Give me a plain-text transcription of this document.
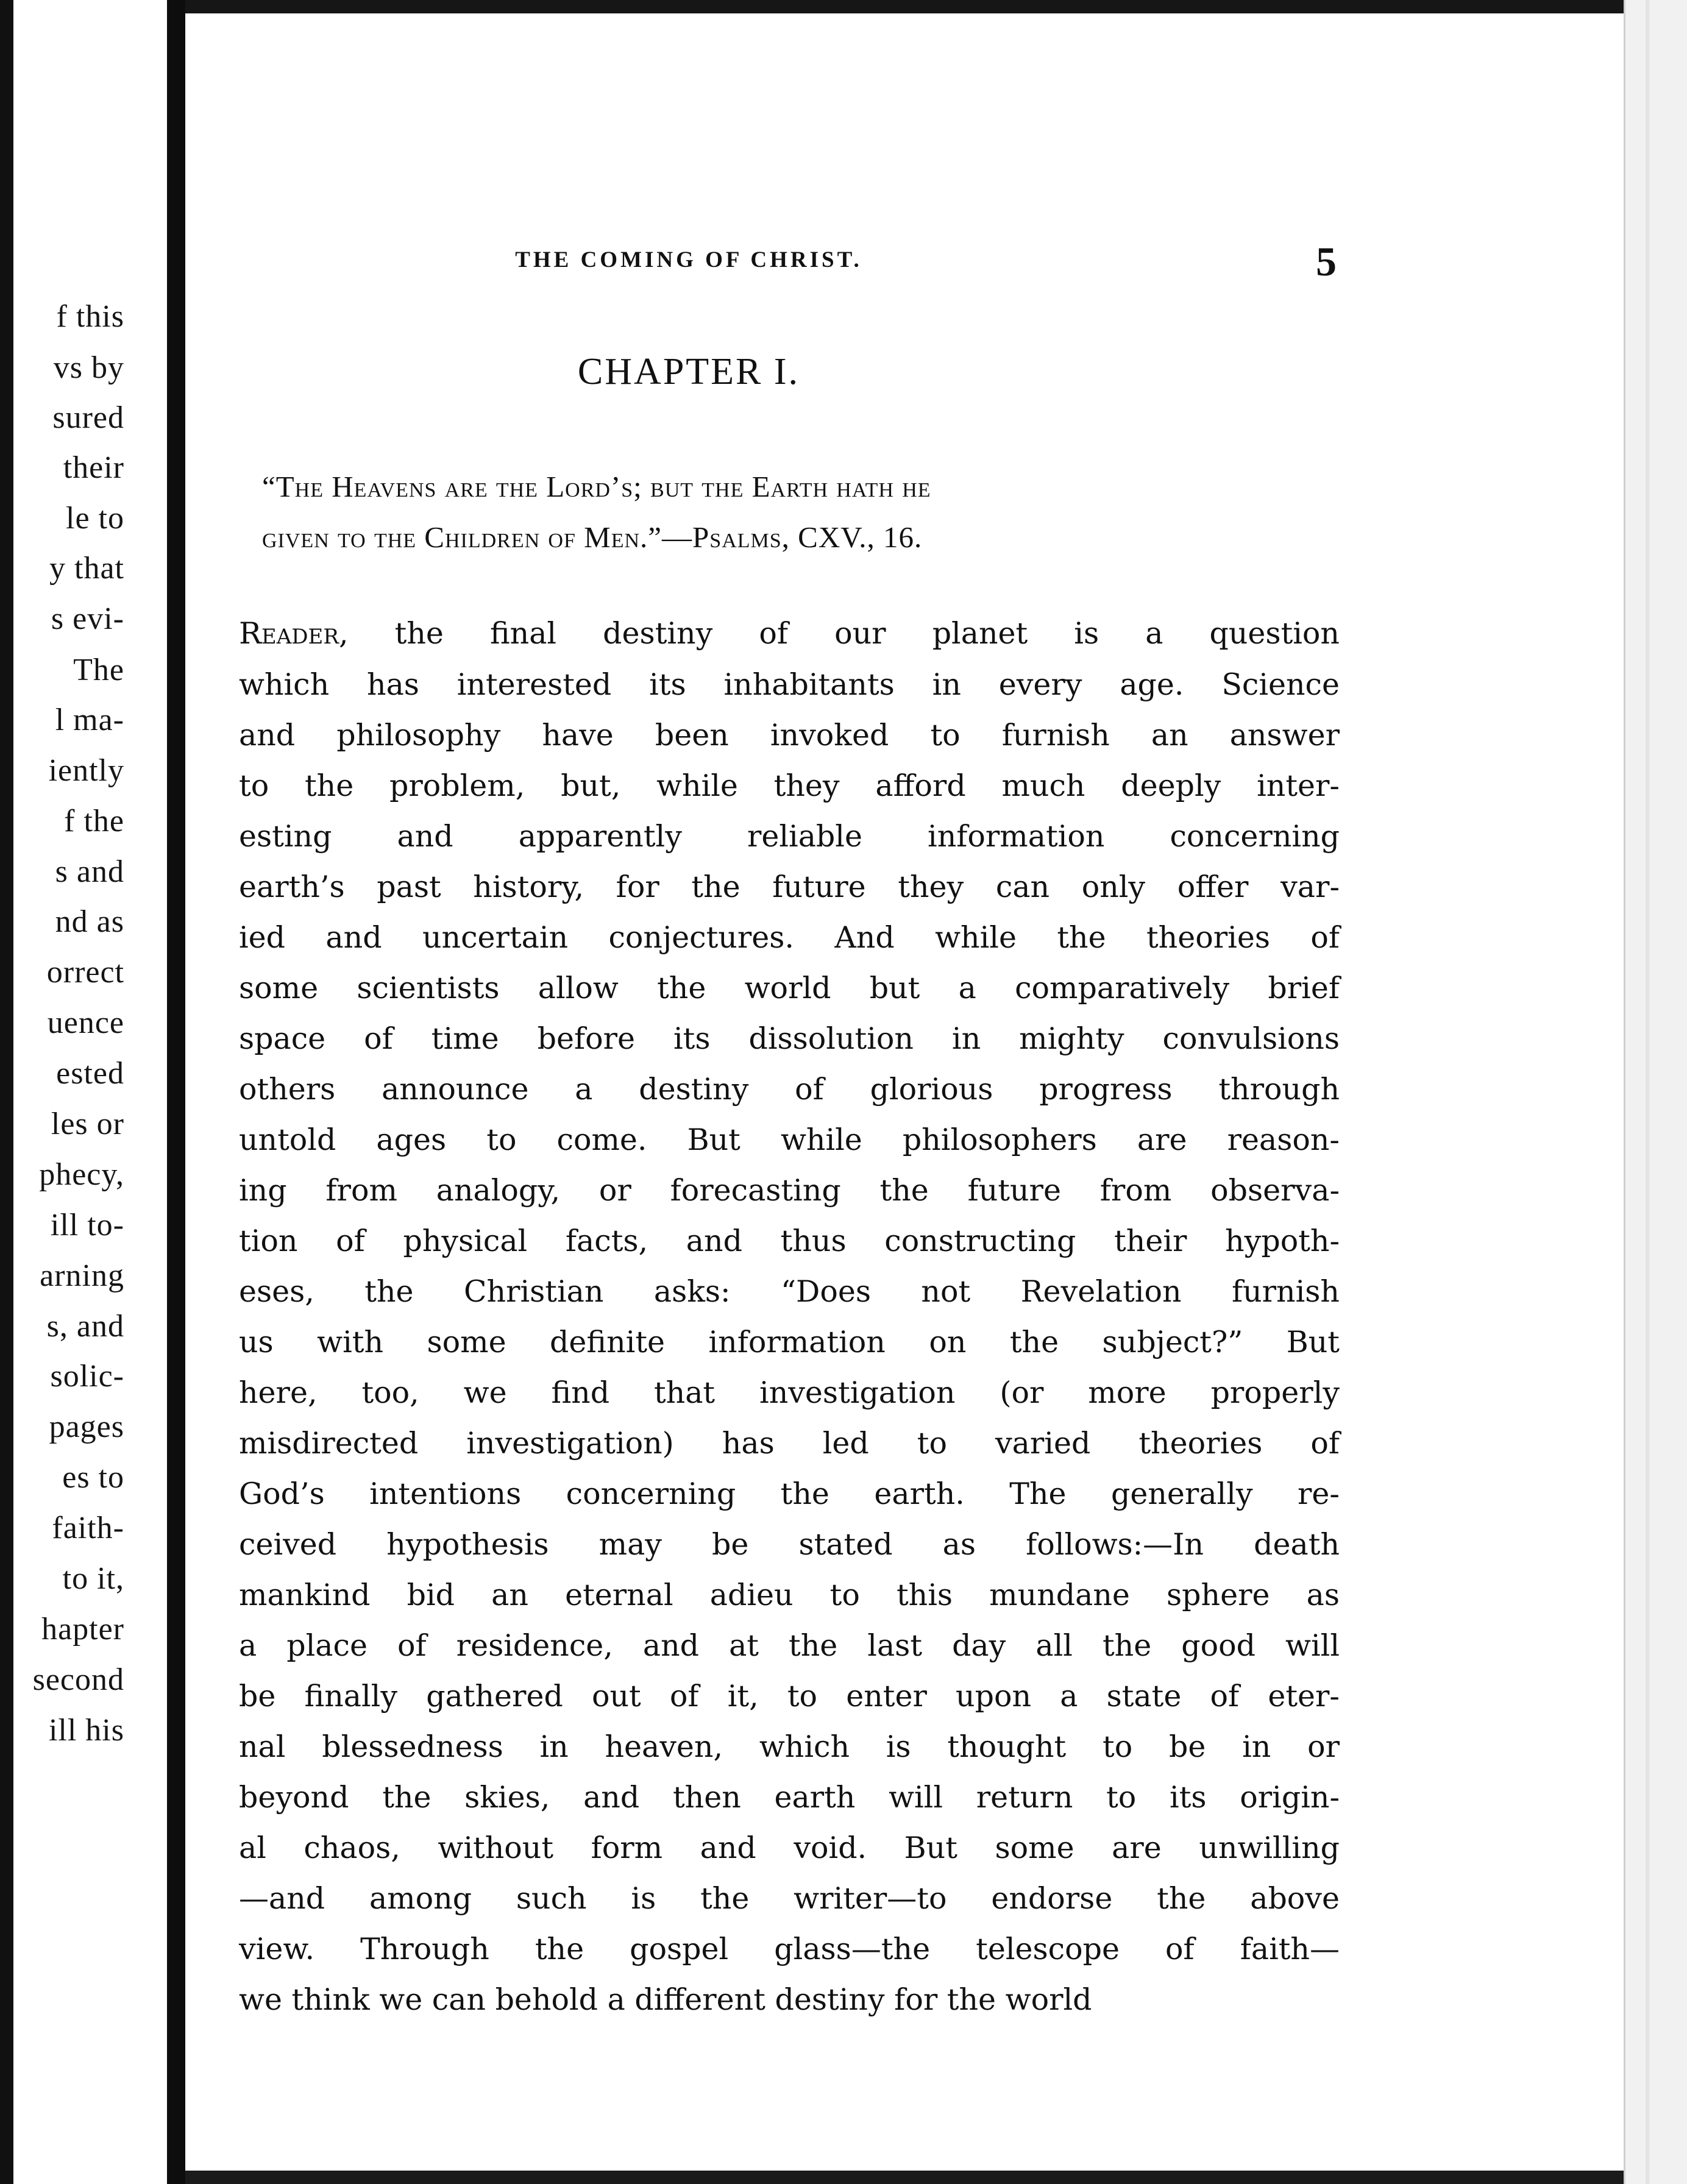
f this
vs by
sured
their
le to
y that
s evi-
The
l ma-
iently
f the
s and
nd as
orrect
uence
ested
les or
phecy,
ill to-
arning
s, and
solic-
pages
es to
faith-
to it,
hapter
second
ill his
THE COMING OF CHRIST.	5
CHAPTER I.
“The Heavens are the Lord’s; but the Earth hath he
given to the Children of Men.”—Psalms, CXV., 16.
Reader, the final destiny of our planet is a question
which has interested its inhabitants in every age. Science
and philosophy have been invoked to furnish an answer
to the problem, but, while they afford much deeply inter-
esting and apparently reliable information concerning
earth’s past history, for the future they can only offer var-
ied and uncertain conjectures. And while the theories of
some scientists allow the world but a comparatively brief
space of time before its dissolution in mighty convulsions
others announce a destiny of glorious progress through
untold ages to come. But while philosophers are reason-
ing from analogy, or forecasting the future from observa-
tion of physical facts, and thus constructing their hypoth-
eses, the Christian asks: “Does not Revelation furnish
us with some definite information on the subject?” But
here, too, we find that investigation (or more properly
misdirected investigation) has led to varied theories of
God’s intentions concerning the earth. The generally re-
ceived hypothesis may be stated as follows:—In death
mankind bid an eternal adieu to this mundane sphere as
a place of residence, and at the last day all the good will
be finally gathered out of it, to enter upon a state of eter-
nal blessedness in heaven, which is thought to be in or
beyond the skies, and then earth will return to its origin-
al chaos, without form and void. But some are unwilling
—and among such is the writer—to endorse the above
view. Through the gospel glass—the telescope of faith—
we think we can behold a different destiny for the world
